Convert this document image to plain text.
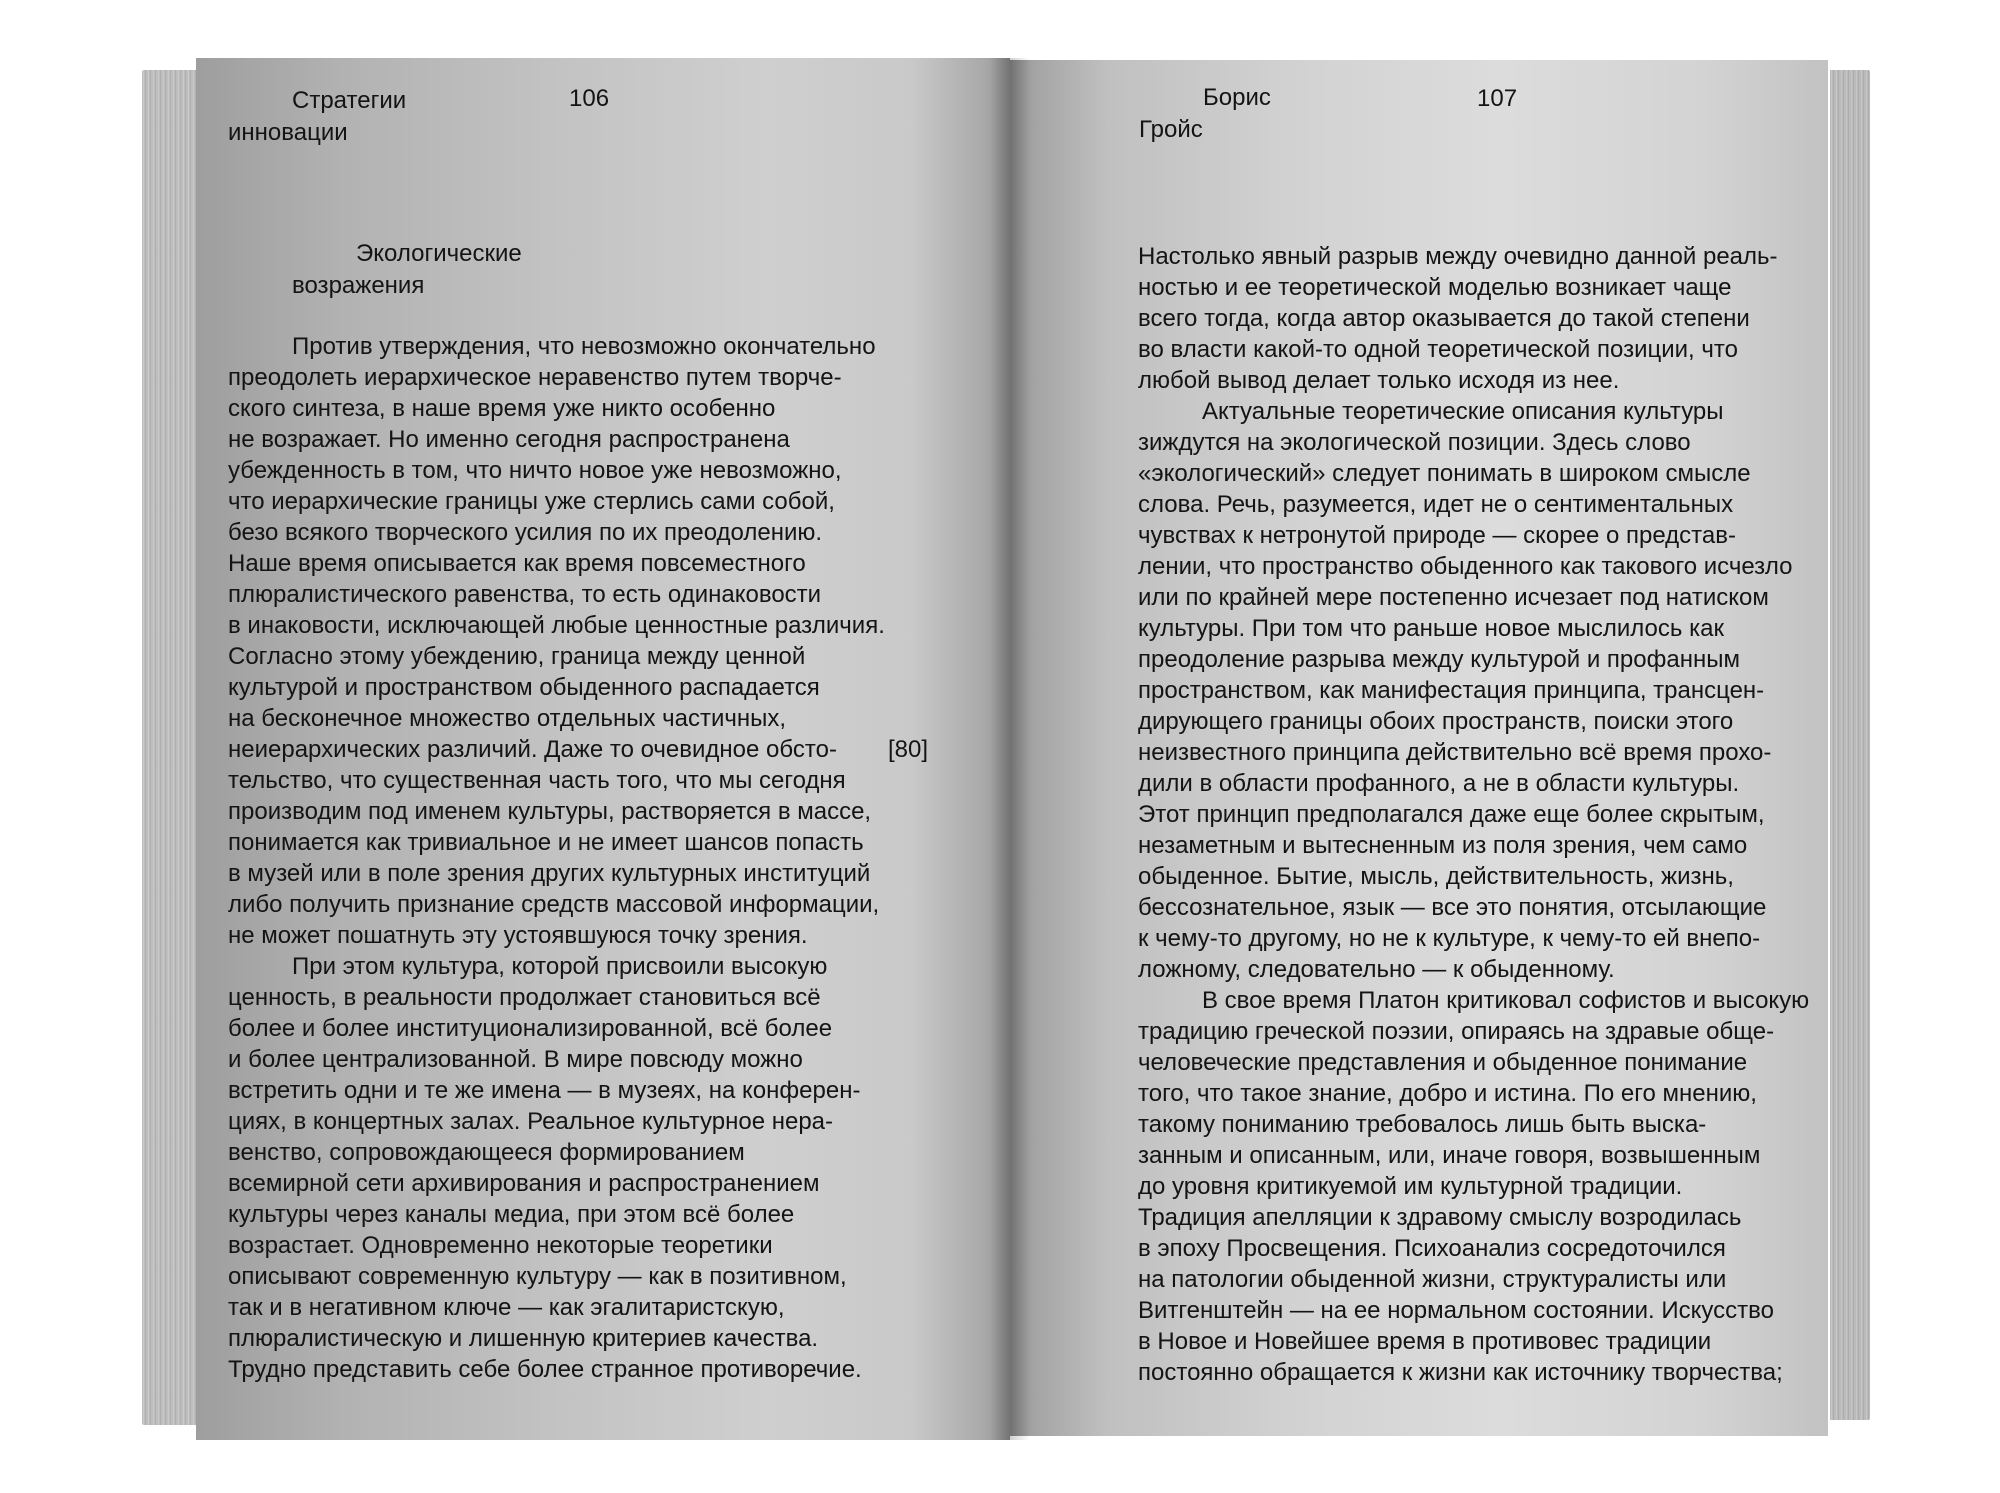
Стратегии
инновации
106
Экологические
возражения
Против утверждения, что невозможно окончательно
преодолеть иерархическое неравенство путем творче-
ского синтеза, в наше время уже никто особенно
не возражает. Но именно сегодня распространена
убежденность в том, что ничто новое уже невозможно,
что иерархические границы уже стерлись сами собой,
безо всякого творческого усилия по их преодолению.
Наше время описывается как время повсеместного
плюралистического равенства, то есть одинаковости
в инаковости, исключающей любые ценностные различия.
Согласно этому убеждению, граница между ценной
культурой и пространством обыденного распадается
на бесконечное множество отдельных частичных,
неиерархических различий. Даже то очевидное обсто-
тельство, что существенная часть того, что мы сегодня
производим под именем культуры, растворяется в массе,
понимается как тривиальное и не имеет шансов попасть
в музей или в поле зрения других культурных институций
либо получить признание средств массовой информации,
не может пошатнуть эту устоявшуюся точку зрения.
При этом культура, которой присвоили высокую
ценность, в реальности продолжает становиться всё
более и более институционализированной, всё более
и более централизованной. В мире повсюду можно
встретить одни и те же имена — в музеях, на конферен-
циях, в концертных залах. Реальное культурное нера-
венство, сопровождающееся формированием
всемирной сети архивирования и распространением
культуры через каналы медиа, при этом всё более
возрастает. Одновременно некоторые теоретики
описывают современную культуру — как в позитивном,
так и в негативном ключе — как эгалитаристскую,
плюралистическую и лишенную критериев качества.
Трудно представить себе более странное противоречие.
[80]
Борис
Гройс
107
Настолько явный разрыв между очевидно данной реаль-
ностью и ее теоретической моделью возникает чаще
всего тогда, когда автор оказывается до такой степени
во власти какой-то одной теоретической позиции, что
любой вывод делает только исходя из нее.
Актуальные теоретические описания культуры
зиждутся на экологической позиции. Здесь слово
«экологический» следует понимать в широком смысле
слова. Речь, разумеется, идет не о сентиментальных
чувствах к нетронутой природе — скорее о представ-
лении, что пространство обыденного как такового исчезло
или по крайней мере постепенно исчезает под натиском
культуры. При том что раньше новое мыслилось как
преодоление разрыва между культурой и профанным
пространством, как манифестация принципа, трансцен-
дирующего границы обоих пространств, поиски этого
неизвестного принципа действительно всё время прохо-
дили в области профанного, а не в области культуры.
Этот принцип предполагался даже еще более скрытым,
незаметным и вытесненным из поля зрения, чем само
обыденное. Бытие, мысль, действительность, жизнь,
бессознательное, язык — все это понятия, отсылающие
к чему-то другому, но не к культуре, к чему-то ей внепо-
ложному, следовательно — к обыденному.
В свое время Платон критиковал софистов и высокую
традицию греческой поэзии, опираясь на здравые обще-
человеческие представления и обыденное понимание
того, что такое знание, добро и истина. По его мнению,
такому пониманию требовалось лишь быть выска-
занным и описанным, или, иначе говоря, возвышенным
до уровня критикуемой им культурной традиции.
Традиция апелляции к здравому смыслу возродилась
в эпоху Просвещения. Психоанализ сосредоточился
на патологии обыденной жизни, структуралисты или
Витгенштейн — на ее нормальном состоянии. Искусство
в Новое и Новейшее время в противовес традиции
постоянно обращается к жизни как источнику творчества;
